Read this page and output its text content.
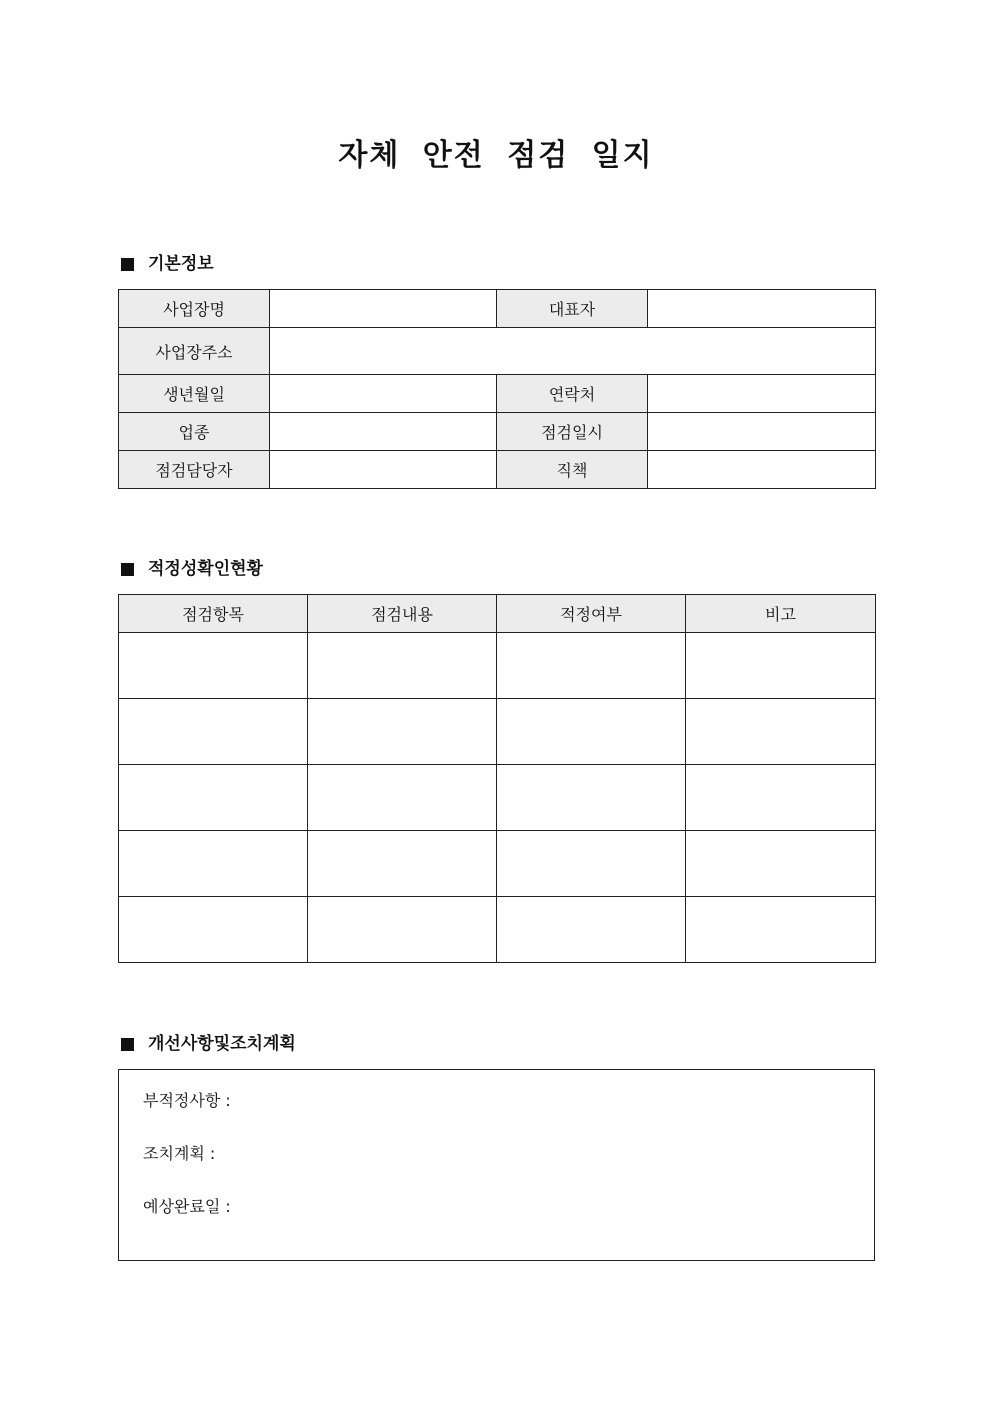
자체 안전 점검 일지
기본정보
사업장명		대표자	
사업장주소			
생년월일		연락처	
업종		점검일시	
점검담당자		직책	
적정성확인현황
점검항목	점검내용	적정여부	비고

개선사항및조치계획
부적정사항 :
조치계획 :
예상완료일 :
